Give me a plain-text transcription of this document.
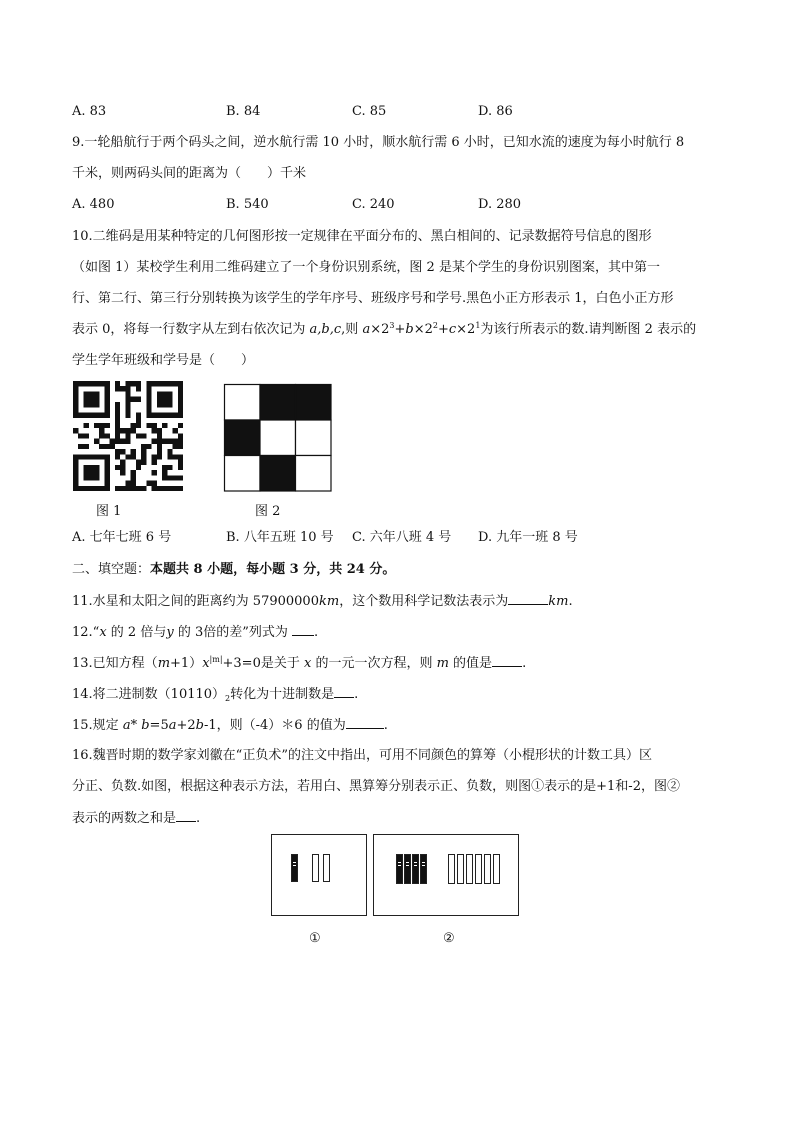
A. 83	B. 84	C. 85	D. 86
9.一轮船航行于两个码头之间，逆水航行需 10 小时，顺水航行需 6 小时，已知水流的速度为每小时航行 8
千米，则两码头间的距离为（　　）千米
A. 480	B. 540	C. 240	D. 280
10.二维码是用某种特定的几何图形按一定规律在平面分布的、黑白相间的、记录数据符号信息的图形
（如图 1）某校学生利用二维码建立了一个身份识别系统，图 2 是某个学生的身份识别图案，其中第一
行、第二行、第三行分别转换为该学生的学年序号、班级序号和学号.黑色小正方形表示 1，白色小正方形
表示 0，将每一行数字从左到右依次记为 a,b,c,则 $a\times 2^3+b\times 2^2+c\times 2^1$为该行所表示的数.请判断图 2 表示的
学生学年班级和学号是（　　）
图 1	图 2
A. 七年七班 6 号	B. 八年五班 10 号 C. 六年八班 4 号 D. 九年一班 8 号
二、填空题：本题共 8 小题，每小题 3 分，共 24 分。
11.水星和太阳之间的距离约为 57900000km，这个数用科学记数法表示为	km.
12.“x 的 2 倍与y 的 3倍的差”列式为 .
13.已知方程$(m+1)x^{|m|}+3=0$是关于 x 的一元一次方程，则 m 的值是 .
14.将二进制数$(10110)_2$转化为十进制数是 .
15.规定 a* b=5a+2b-1，则（-4）＊6 的值为	.
16.魏晋时期的数学家刘徽在“正负术”的注文中指出，可用不同颜色的算筹（小棍形状的计数工具）区
分正、负数.如图，根据这种表示方法，若用白、黑算筹分别表示正、负数，则图①表示的是+1和-2，图②
表示的两数之和是 .
①	②
